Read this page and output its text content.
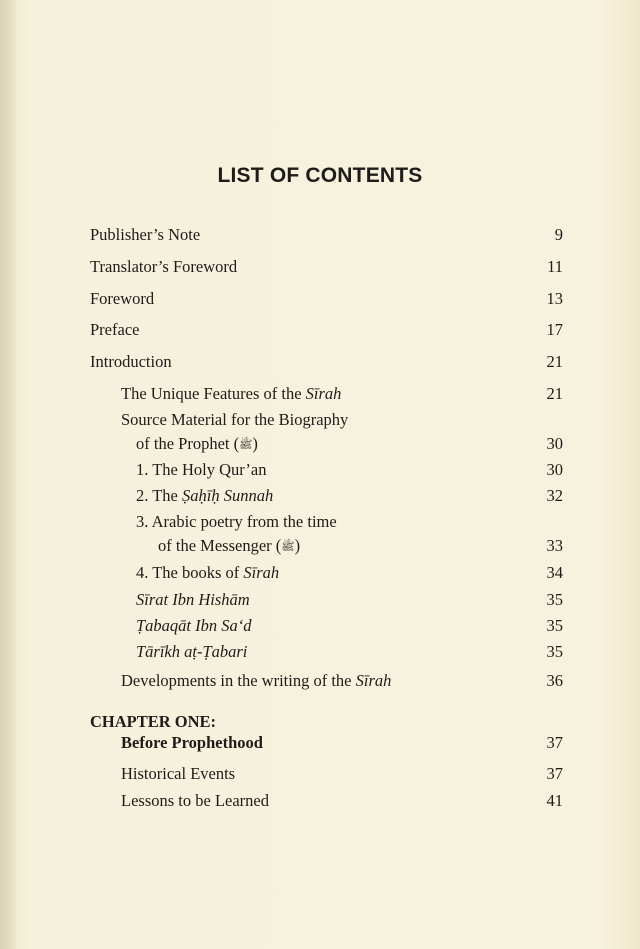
LIST OF CONTENTS
Publisher’s Note	9
Translator’s Foreword	11
Foreword	13
Preface	17
Introduction	21
The Unique Features of the Sīrah	21
Source Material for the Biography
of the Prophet (ﷺ)	30
1. The Holy Qur’an	30
2. The Ṣaḥīḥ Sunnah	32
3. Arabic poetry from the time
of the Messenger (ﷺ)	33
4. The books of Sīrah	34
Sīrat Ibn Hishām	35
Ṭabaqāt Ibn Sa‘d	35
Tārīkh aṭ-Ṭabari	35
Developments in the writing of the Sīrah	36
CHAPTER ONE:
Before Prophethood	37
Historical Events	37
Lessons to be Learned	41
